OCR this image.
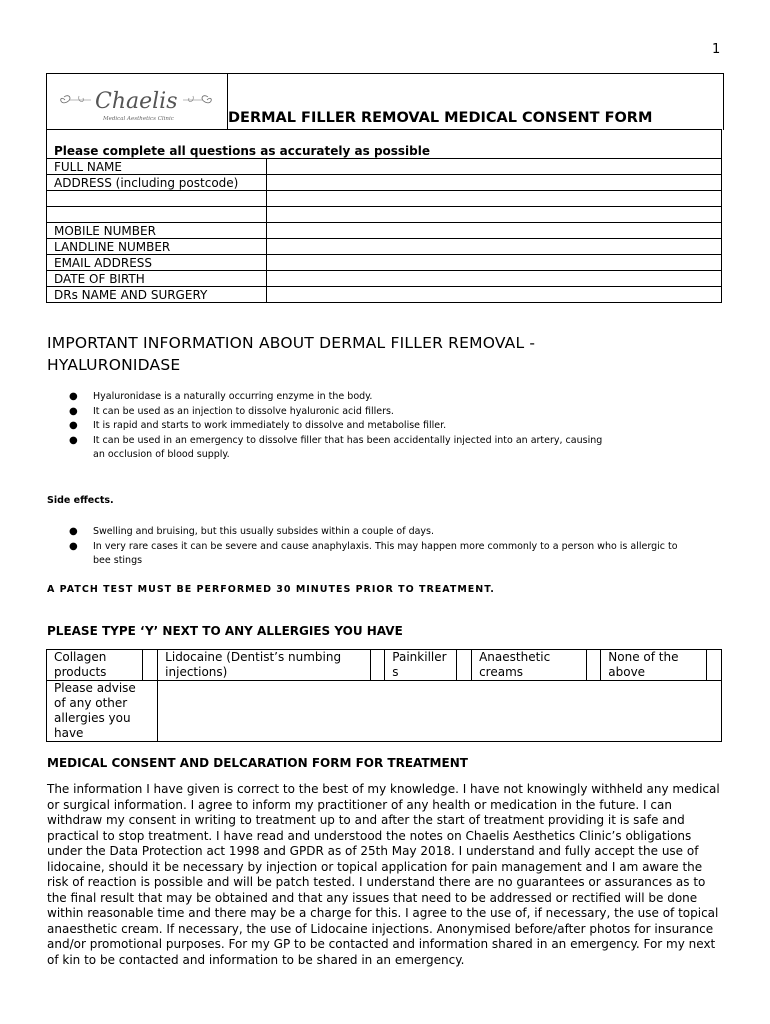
1
Chaelis
Medical Aesthetics Clinic	DERMAL FILLER REMOVAL MEDICAL CONSENT FORM
Please complete all questions as accurately as possible	
FULL NAME	
ADDRESS (including postcode)	

MOBILE NUMBER	
LANDLINE NUMBER	
EMAIL ADDRESS	
DATE OF BIRTH	
DRs NAME AND SURGERY	
IMPORTANT INFORMATION ABOUT DERMAL FILLER REMOVAL - HYALURONIDASE
● Hyaluronidase is a naturally occurring enzyme in the body.
● It can be used as an injection to dissolve hyaluronic acid fillers.
● It is rapid and starts to work immediately to dissolve and metabolise filler.
● It can be used in an emergency to dissolve filler that has been accidentally injected into an artery, causing an occlusion of blood supply.
Side effects.
● Swelling and bruising, but this usually subsides within a couple of days.
● In very rare cases it can be severe and cause anaphylaxis. This may happen more commonly to a person who is allergic to bee stings
A PATCH TEST MUST BE PERFORMED 30 MINUTES PRIOR TO TREATMENT.
PLEASE TYPE ‘Y’ NEXT TO ANY ALLERGIES YOU HAVE
Collagen products		Lidocaine (Dentist’s numbing injections)		Painkillers		Anaesthetic creams		None of the above	
Please advise of any other allergies you have									
MEDICAL CONSENT AND DELCARATION FORM FOR TREATMENT
The information I have given is correct to the best of my knowledge. I have not knowingly withheld any medical or surgical information. I agree to inform my practitioner of any health or medication in the future. I can withdraw my consent in writing to treatment up to and after the start of treatment providing it is safe and practical to stop treatment. I have read and understood the notes on Chaelis Aesthetics Clinic’s obligations under the Data Protection act 1998 and GPDR as of 25th May 2018. I understand and fully accept the use of lidocaine, should it be necessary by injection or topical application for pain management and I am aware the risk of reaction is possible and will be patch tested. I understand there are no guarantees or assurances as to the final result that may be obtained and that any issues that need to be addressed or rectified will be done within reasonable time and there may be a charge for this. I agree to the use of, if necessary, the use of topical anaesthetic cream. If necessary, the use of Lidocaine injections. Anonymised before/after photos for insurance and/or promotional purposes. For my GP to be contacted and information shared in an emergency. For my next of kin to be contacted and information to be shared in an emergency.
